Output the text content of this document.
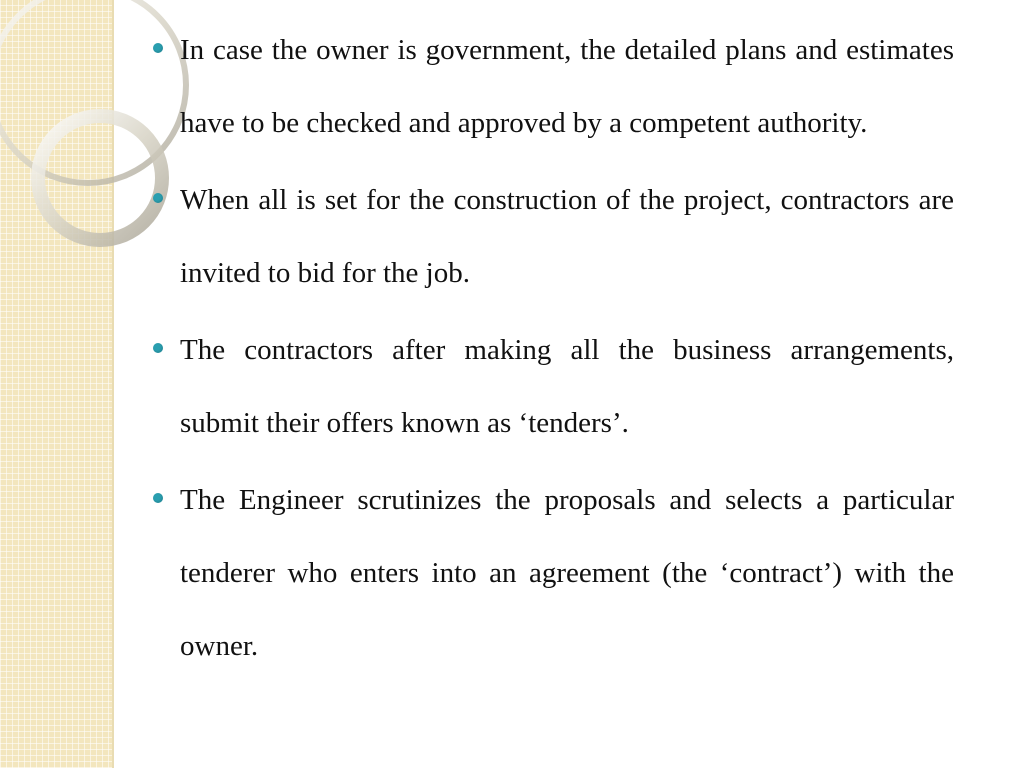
In case the owner is government, the detailed plans and estimates have to be checked and approved by a competent authority.
When all is set for the construction of the project, contractors are invited to bid for the job.
The contractors after making all the business arrangements, submit their offers known as ‘tenders’.
The Engineer scrutinizes the proposals and selects a particular tenderer who enters into an agreement (the ‘contract’) with the owner.
